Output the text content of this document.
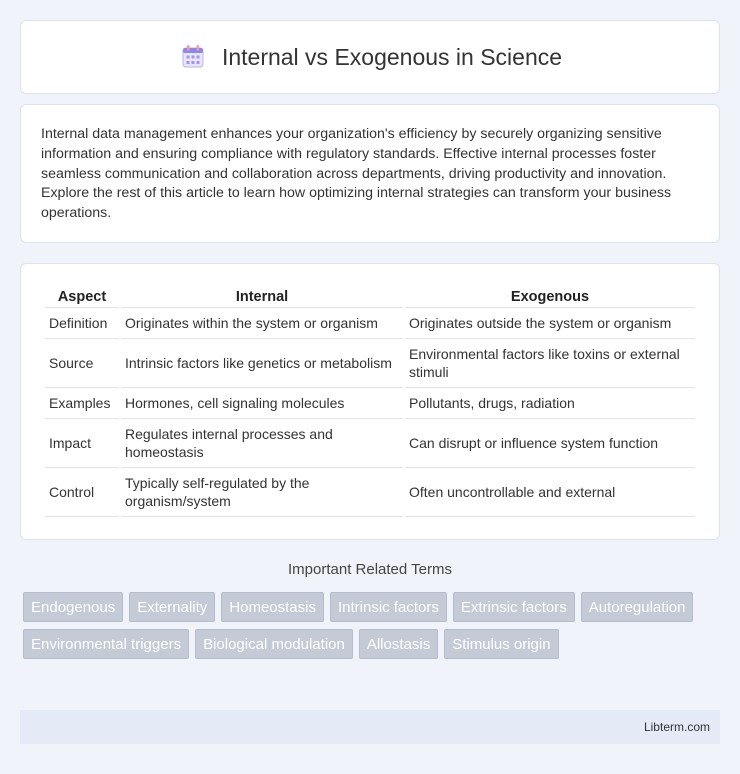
Internal vs Exogenous in Science

Internal data management enhances your organization's efficiency by securely organizing sensitive information and ensuring compliance with regulatory standards. Effective internal processes foster seamless communication and collaboration across departments, driving productivity and innovation. Explore the rest of this article to learn how optimizing internal strategies can transform your business operations.

Aspect	Internal	Exogenous
Definition	Originates within the system or organism	Originates outside the system or organism
Source	Intrinsic factors like genetics or metabolism	Environmental factors like toxins or external stimuli
Examples	Hormones, cell signaling molecules	Pollutants, drugs, radiation
Impact	Regulates internal processes and homeostasis	Can disrupt or influence system function
Control	Typically self-regulated by the organism/system	Often uncontrollable and external
Important Related Terms
Endogenous	Externality	Homeostasis	Intrinsic factors	Extrinsic factors	Autoregulation
Environmental triggers	Biological modulation	Allostasis	Stimulus origin
Libterm.com
